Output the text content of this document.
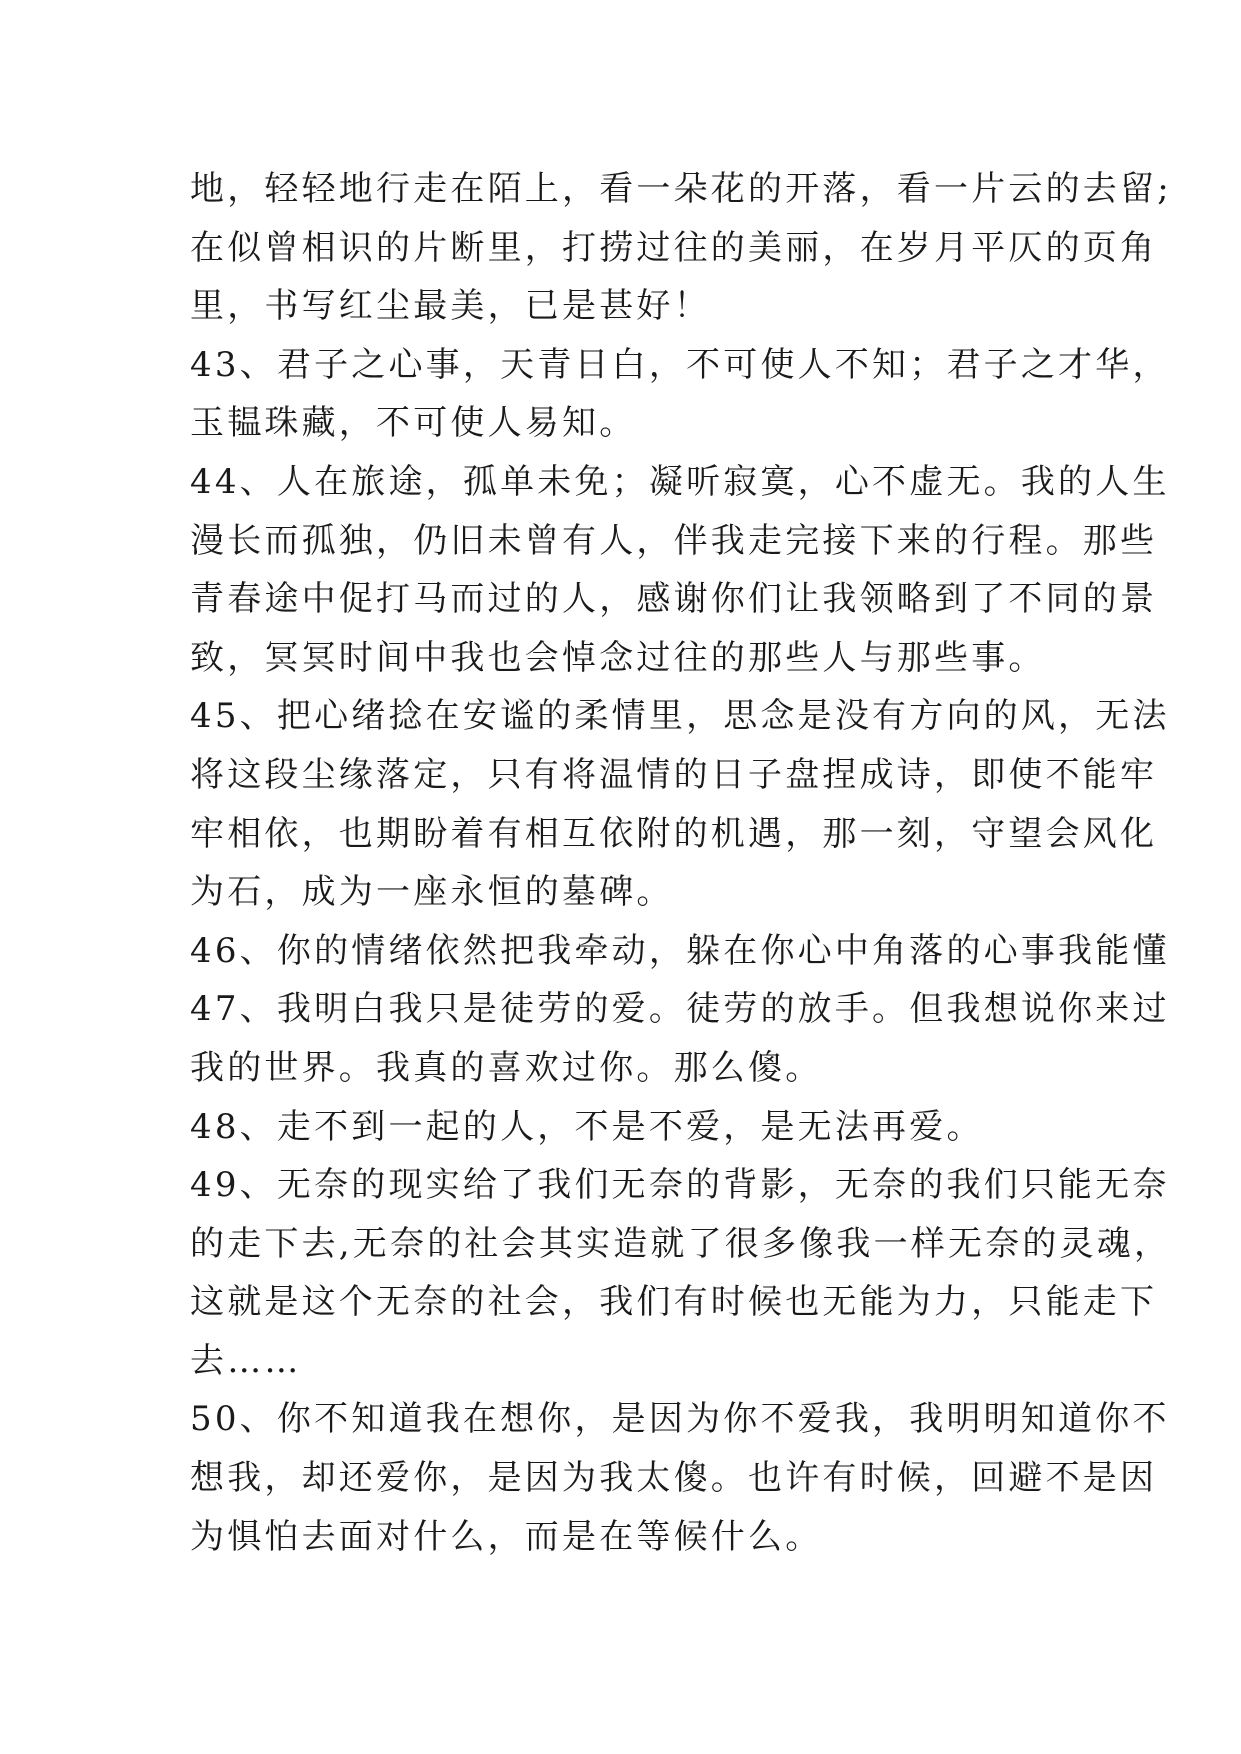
地，轻轻地行走在陌上，看一朵花的开落，看一片云的去留;
在似曾相识的片断里，打捞过往的美丽，在岁月平仄的页角
里，书写红尘最美，已是甚好！
43、君子之心事，天青日白，不可使人不知；君子之才华，
玉韫珠藏，不可使人易知。
44、人在旅途，孤单未免；凝听寂寞，心不虚无。我的人生
漫长而孤独，仍旧未曾有人，伴我走完接下来的行程。那些
青春途中促打马而过的人，感谢你们让我领略到了不同的景
致，冥冥时间中我也会悼念过往的那些人与那些事。
45、把心绪捻在安谧的柔情里，思念是没有方向的风，无法
将这段尘缘落定，只有将温情的日子盘捏成诗，即使不能牢
牢相依，也期盼着有相互依附的机遇，那一刻，守望会风化
为石，成为一座永恒的墓碑。
46、你的情绪依然把我牵动，躲在你心中角落的心事我能懂
47、我明白我只是徒劳的爱。徒劳的放手。但我想说你来过
我的世界。我真的喜欢过你。那么傻。
48、走不到一起的人，不是不爱，是无法再爱。
49、无奈的现实给了我们无奈的背影，无奈的我们只能无奈
的走下去,无奈的社会其实造就了很多像我一样无奈的灵魂，
这就是这个无奈的社会，我们有时候也无能为力，只能走下
去……
50、你不知道我在想你，是因为你不爱我，我明明知道你不
想我，却还爱你，是因为我太傻。也许有时候，回避不是因
为惧怕去面对什么，而是在等候什么。
